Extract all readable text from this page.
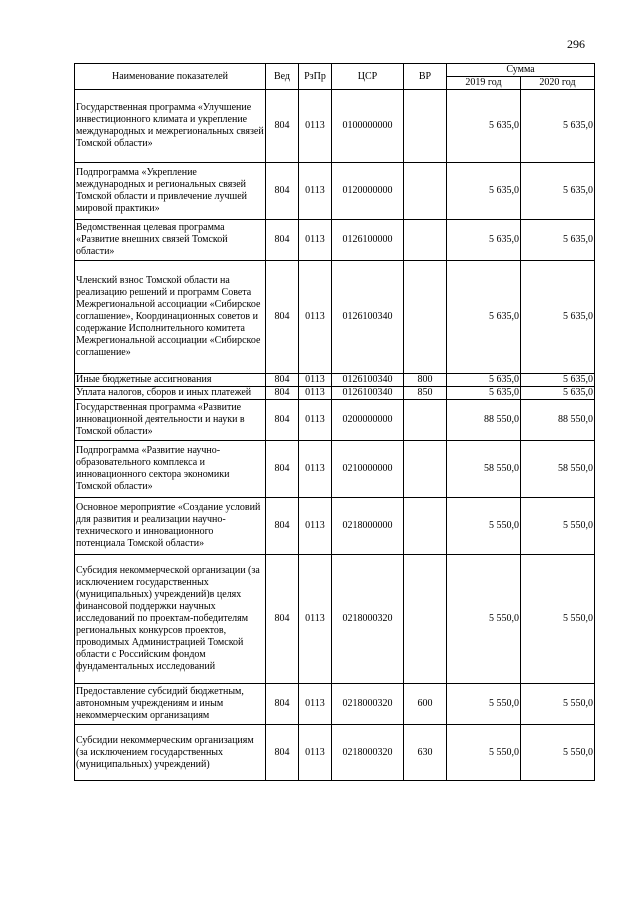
296
Наименование показателей	Вед	РзПр	ЦСР	ВР	Сумма	
					2019 год	2020 год
Государственная программа «Улучшение инвестиционного климата и укрепление международных и межрегиональных связей Томской области»	804	0113	0100000000		5 635,0	5 635,0
Подпрограмма «Укрепление международных и региональных связей Томской области и привлечение лучшей мировой практики»	804	0113	0120000000		5 635,0	5 635,0
Ведомственная целевая программа «Развитие внешних связей Томской области»	804	0113	0126100000		5 635,0	5 635,0
Членский взнос Томской области на реализацию решений и программ Совета Межрегиональной ассоциации «Сибирское соглашение», Координационных советов и содержание Исполнительного комитета Межрегиональной ассоциации «Сибирское соглашение»	804	0113	0126100340		5 635,0	5 635,0
Иные бюджетные ассигнования	804	0113	0126100340	800	5 635,0	5 635,0
Уплата налогов, сборов и иных платежей	804	0113	0126100340	850	5 635,0	5 635,0
Государственная программа «Развитие инновационной деятельности и науки в Томской области»	804	0113	0200000000		88 550,0	88 550,0
Подпрограмма «Развитие научно-образовательного комплекса и инновационного сектора экономики Томской области»	804	0113	0210000000		58 550,0	58 550,0
Основное мероприятие «Создание условий для развития и реализации научно-технического и инновационного потенциала Томской области»	804	0113	0218000000		5 550,0	5 550,0
Субсидия некоммерческой организации (за исключением государственных (муниципальных) учреждений)в целях финансовой поддержки научных исследований по проектам-победителям региональных конкурсов проектов, проводимых Администрацией Томской области с Российским фондом фундаментальных исследований	804	0113	0218000320		5 550,0	5 550,0
Предоставление субсидий бюджетным, автономным учреждениям и иным некоммерческим организациям	804	0113	0218000320	600	5 550,0	5 550,0
Субсидии некоммерческим организациям (за исключением государственных (муниципальных) учреждений)	804	0113	0218000320	630	5 550,0	5 550,0
